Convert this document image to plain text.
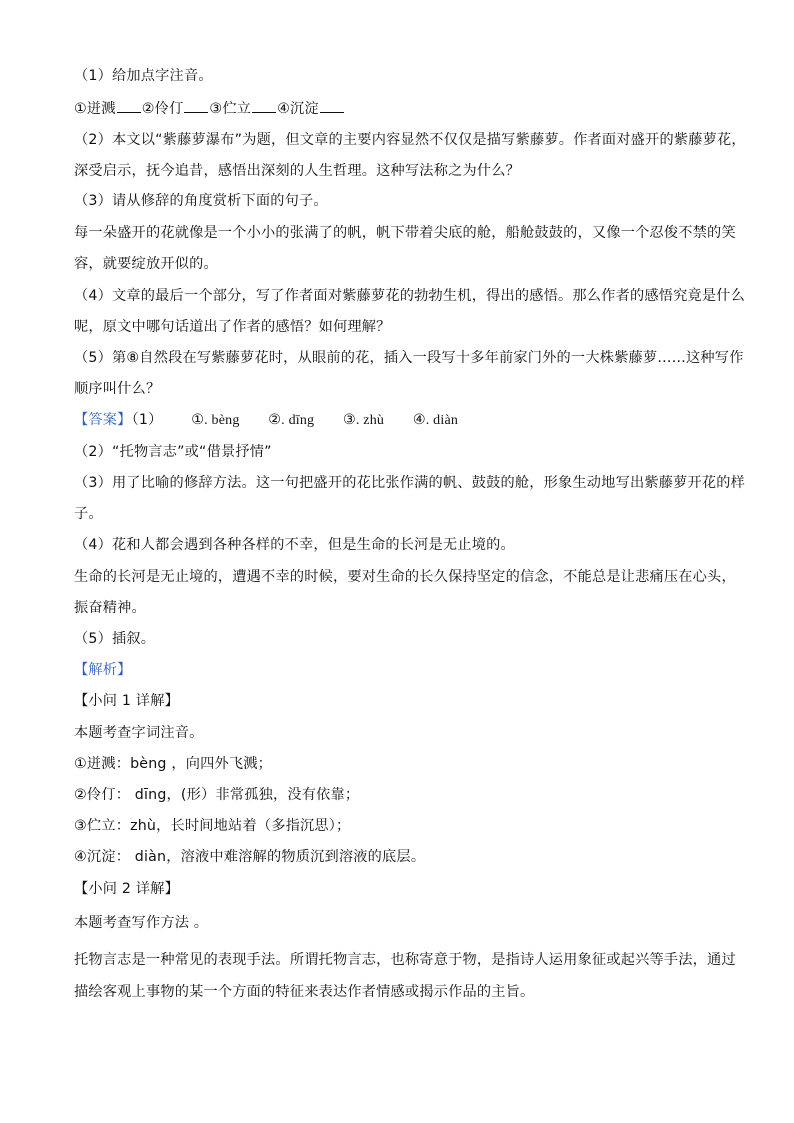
（1）给加点字注音。

①迸溅 ②伶仃 ③伫立 ④沉淀

（2）本文以“紫藤萝瀑布”为题，但文章的主要内容显然不仅仅是描写紫藤萝。作者面对盛开的紫藤萝花，

深受启示，抚今追昔，感悟出深刻的人生哲理。这种写法称之为什么？

（3）请从修辞的角度赏析下面的句子。

每一朵盛开的花就像是一个小小的张满了的帆，帆下带着尖底的舱，船舱鼓鼓的，又像一个忍俊不禁的笑

容，就要绽放开似的。

（4）文章的最后一个部分，写了作者面对紫藤萝花的勃勃生机，得出的感悟。那么作者的感悟究竟是什么

呢，原文中哪句话道出了作者的感悟？如何理解？

（5）第⑧自然段在写紫藤萝花时，从眼前的花，插入一段写十多年前家门外的一大株紫藤萝……这种写作

顺序叫什么？

【答案】（1） ①. bèng ②. dīng ③. zhù ④. diàn

（2）“托物言志”或“借景抒情”

（3）用了比喻的修辞方法。这一句把盛开的花比张作满的帆、鼓鼓的舱，形象生动地写出紫藤萝开花的样

子。

（4）花和人都会遇到各种各样的不幸，但是生命的长河是无止境的。

生命的长河是无止境的，遭遇不幸的时候，要对生命的长久保持坚定的信念，不能总是让悲痛压在心头，

振奋精神。

（5）插叙。

【解析】

【小问 1 详解】

本题考查字词注音。

①迸溅：bèng ，向四外飞溅；

②伶仃： dīng，(形）非常孤独，没有依靠；

③伫立：zhù，长时间地站着（多指沉思）；

④沉淀： diàn，溶液中难溶解的物质沉到溶液的底层。

【小问 2 详解】

本题考查写作方法 。

托物言志是一种常见的表现手法。所谓托物言志，也称寄意于物，是指诗人运用象征或起兴等手法，通过

描绘客观上事物的某一个方面的特征来表达作者情感或揭示作品的主旨。
